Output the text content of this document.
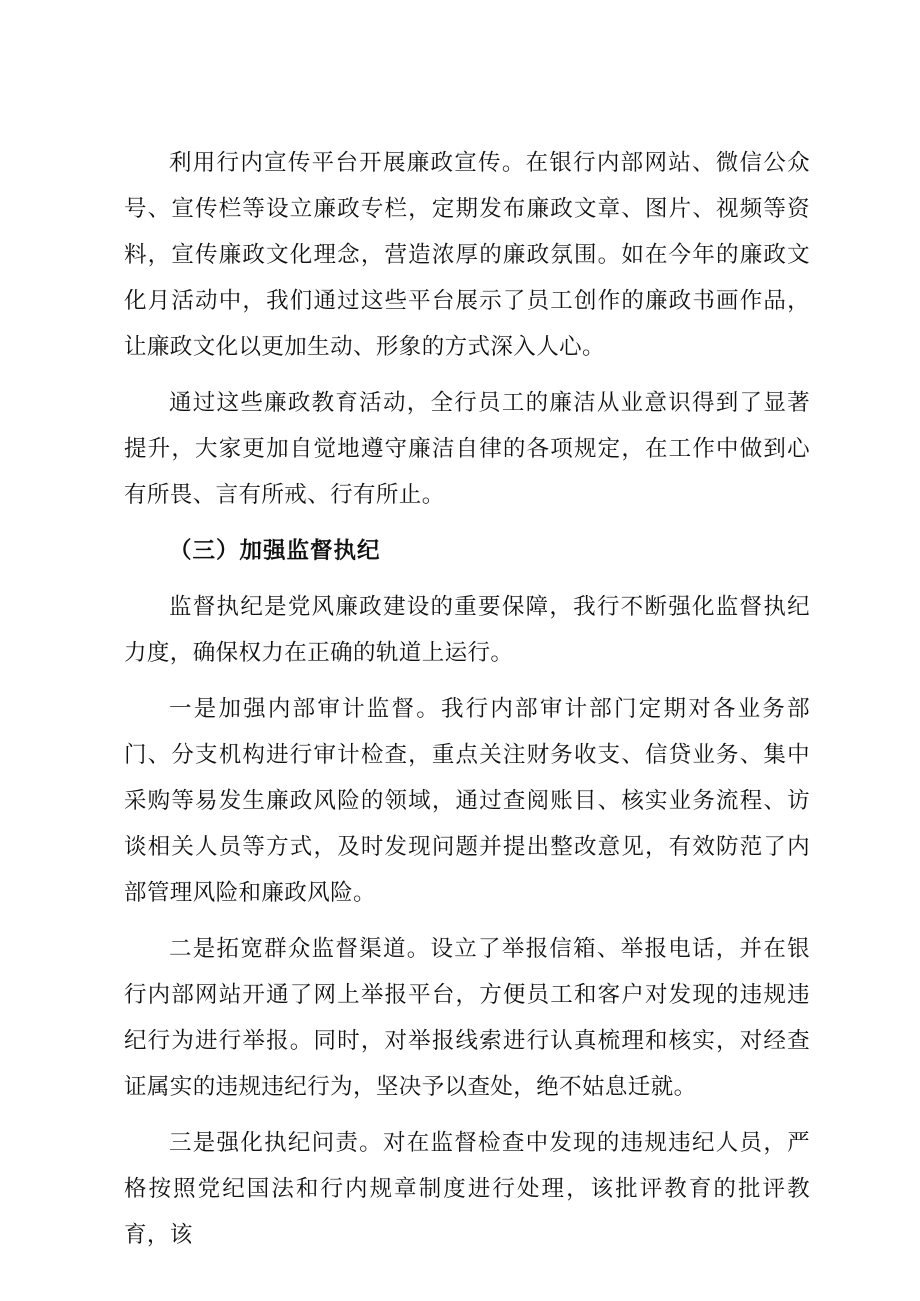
利用行内宣传平台开展廉政宣传。在银行内部网站、微信公众号、宣传栏等设立廉政专栏，定期发布廉政文章、图片、视频等资料，宣传廉政文化理念，营造浓厚的廉政氛围。如在今年的廉政文化月活动中，我们通过这些平台展示了员工创作的廉政书画作品，让廉政文化以更加生动、形象的方式深入人心。

通过这些廉政教育活动，全行员工的廉洁从业意识得到了显著提升，大家更加自觉地遵守廉洁自律的各项规定，在工作中做到心有所畏、言有所戒、行有所止。

（三）加强监督执纪

监督执纪是党风廉政建设的重要保障，我行不断强化监督执纪力度，确保权力在正确的轨道上运行。

一是加强内部审计监督。我行内部审计部门定期对各业务部门、分支机构进行审计检查，重点关注财务收支、信贷业务、集中采购等易发生廉政风险的领域，通过查阅账目、核实业务流程、访谈相关人员等方式，及时发现问题并提出整改意见，有效防范了内部管理风险和廉政风险。

二是拓宽群众监督渠道。设立了举报信箱、举报电话，并在银行内部网站开通了网上举报平台，方便员工和客户对发现的违规违纪行为进行举报。同时，对举报线索进行认真梳理和核实，对经查证属实的违规违纪行为，坚决予以查处，绝不姑息迁就。

三是强化执纪问责。对在监督检查中发现的违规违纪人员，严格按照党纪国法和行内规章制度进行处理，该批评教育的批评教育，该
